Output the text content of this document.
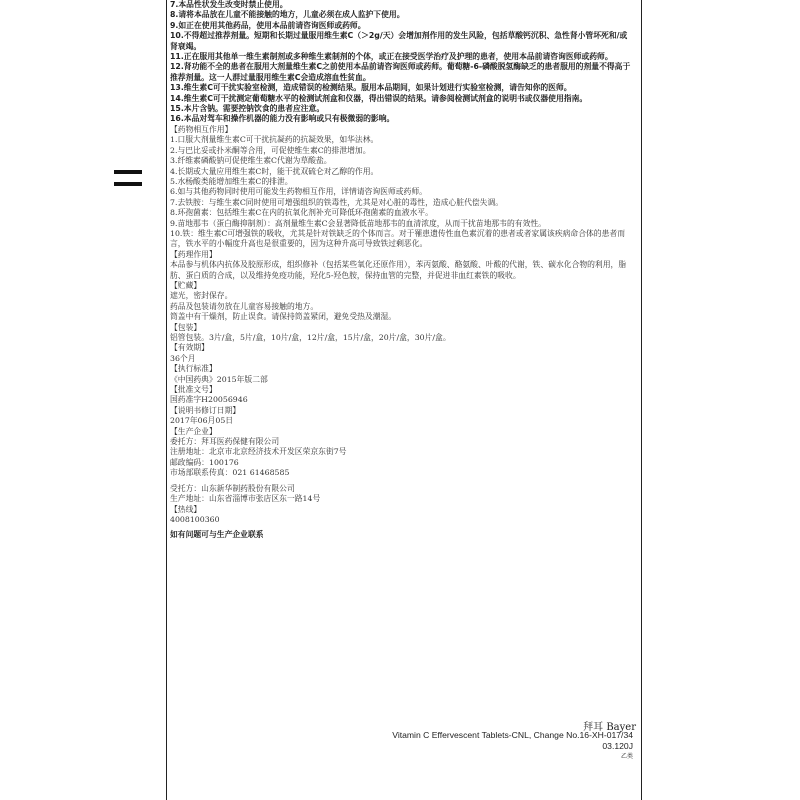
7.本品性状发生改变时禁止使用。
8.请将本品放在儿童不能接触的地方，儿童必须在成人监护下使用。
9.如正在使用其他药品，使用本品前请咨询医师或药师。
10.不得超过推荐剂量。短期和长期过量服用维生素C（＞2g/天）会增加剂作用的发生风险，包括草酸钙沉积、急性肾小管坏死和/或肾衰竭。
11.正在服用其他单一维生素制剂或多种维生素制剂的个体，或正在接受医学治疗及护理的患者，使用本品前请咨询医师或药师。
12.肾功能不全的患者在服用大剂量维生素C之前使用本品前请咨询医师或药师。葡萄糖-6-磷酸脱氢酶缺乏的患者服用的剂量不得高于推荐剂量。这一人群过量服用维生素C会造成溶血性贫血。
13.维生素C可干扰实验室检测，造成错误的检测结果。服用本品期间，如果计划进行实验室检测，请告知你的医师。
14.维生素C可干扰测定葡萄糖水平的检测试剂盒和仪器，得出错误的结果。请参阅检测试剂盒的说明书或仪器使用指南。
15.本片含钠。需要控钠饮食的患者应注意。
16.本品对驾车和操作机器的能力没有影响或只有极微弱的影响。
【药物相互作用】
1.口服大剂量维生素C可干扰抗凝药的抗凝效果，如华法林。
2.与巴比妥或扑米酮等合用，可促使维生素C的排泄增加。
3.纤维素磷酸钠可促使维生素C代谢为草酸盐。
4.长期或大量应用维生素C时，能干扰双硫仑对乙醇的作用。
5.水杨酸类能增加维生素C的排泄。
6.如与其他药物同时使用可能发生药物相互作用，详情请咨询医师或药师。
7.去铁胺：与维生素C同时使用可增强组织的铁毒性，尤其是对心脏的毒性，造成心脏代偿失调。
8.环孢菌素：包括维生素C在内的抗氧化剂补充可降低环孢菌素的血液水平。
9.苗地那韦（蛋白酶抑制剂）：高剂量维生素C会显著降低苗地那韦的血清浓度，从而干扰苗地那韦的有效性。
10.铁：维生素C可增强铁的吸收，尤其是针对铁缺乏的个体而言。对于罹患遗传性血色素沉着的患者或者家属该疾病命合体的患者而言，铁水平的小幅度升高也是很重要的，因为这种升高可导致铁过剩恶化。
【药理作用】
本品参与机体内抗体及胶原形成，组织修补（包括某些氧化还原作用），苯丙氨酸、酪氨酸、叶酸的代谢，铁、碳水化合物的利用，脂肪、蛋白质的合成，以及维持免疫功能，羟化5-羟色胺，保持血管的完整，并促进非血红素铁的吸收。
【贮藏】
遮光，密封保存。
药品及包装请勿放在儿童容易接触的地方。
筒盖中有干燥剂，防止误食。请保持筒盖紧闭，避免受热及潮湿。
【包装】
铝管包装。3片/盒，5片/盒，10片/盒，12片/盒，15片/盒，20片/盒，30片/盒。
【有效期】
36个月
【执行标准】
《中国药典》2015年版二部
【批准文号】
国药准字H20056946
【说明书修订日期】
2017年06月05日
【生产企业】
委托方：拜耳医药保健有限公司
注册地址：北京市北京经济技术开发区荣京东街7号
邮政编码：100176
市场部联系传真：021 61468585
受托方：山东新华制药股份有限公司
生产地址：山东省淄博市张店区东一路14号
【热线】
4008100360
如有问题可与生产企业联系
拜耳 Bayer
Vitamin C Effervescent Tablets-CNL, Change No.16-XH-017/34
03.120J
乙类
